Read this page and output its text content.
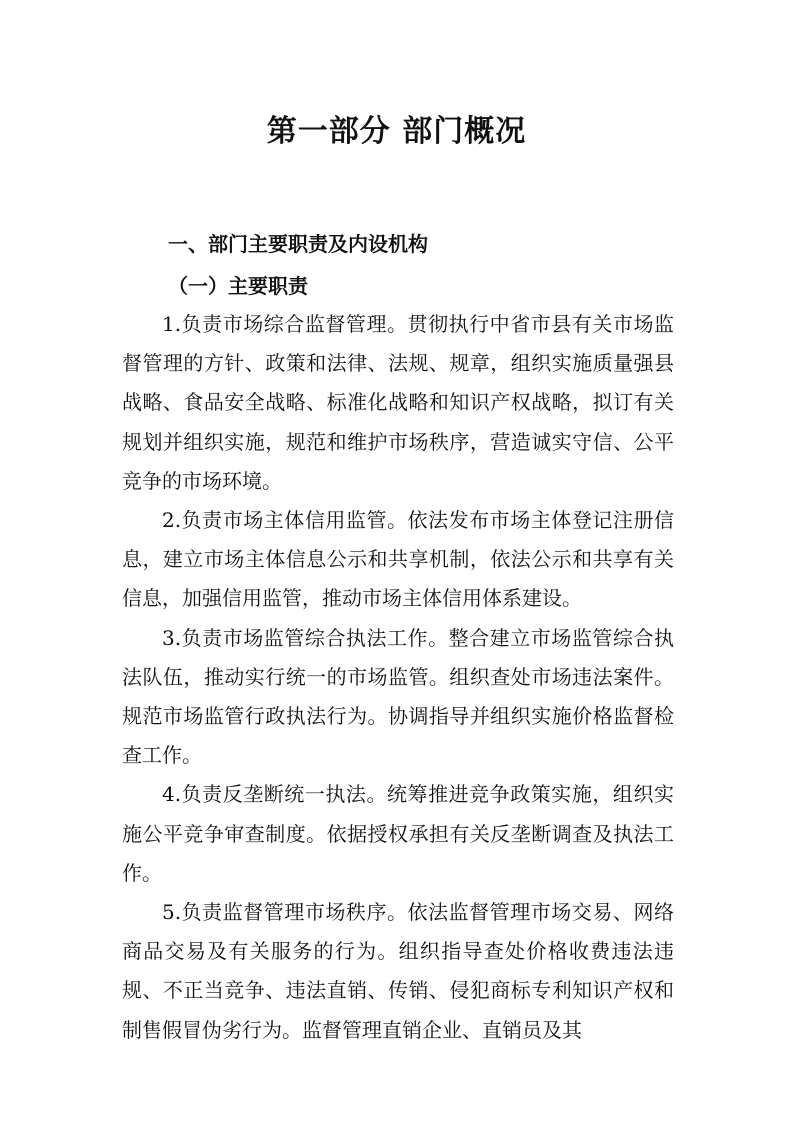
第一部分 部门概况
一、部门主要职责及内设机构
（一）主要职责

1.负责市场综合监督管理。贯彻执行中省市县有关市场监督管理的方针、政策和法律、法规、规章，组织实施质量强县战略、食品安全战略、标准化战略和知识产权战略，拟订有关规划并组织实施，规范和维护市场秩序，营造诚实守信、公平竞争的市场环境。

2.负责市场主体信用监管。依法发布市场主体登记注册信息，建立市场主体信息公示和共享机制，依法公示和共享有关信息，加强信用监管，推动市场主体信用体系建设。

3.负责市场监管综合执法工作。整合建立市场监管综合执法队伍，推动实行统一的市场监管。组织查处市场违法案件。规范市场监管行政执法行为。协调指导并组织实施价格监督检查工作。

4.负责反垄断统一执法。统筹推进竞争政策实施，组织实施公平竞争审查制度。依据授权承担有关反垄断调查及执法工作。

5.负责监督管理市场秩序。依法监督管理市场交易、网络商品交易及有关服务的行为。组织指导查处价格收费违法违规、不正当竞争、违法直销、传销、侵犯商标专利知识产权和制售假冒伪劣行为。监督管理直销企业、直销员及其
